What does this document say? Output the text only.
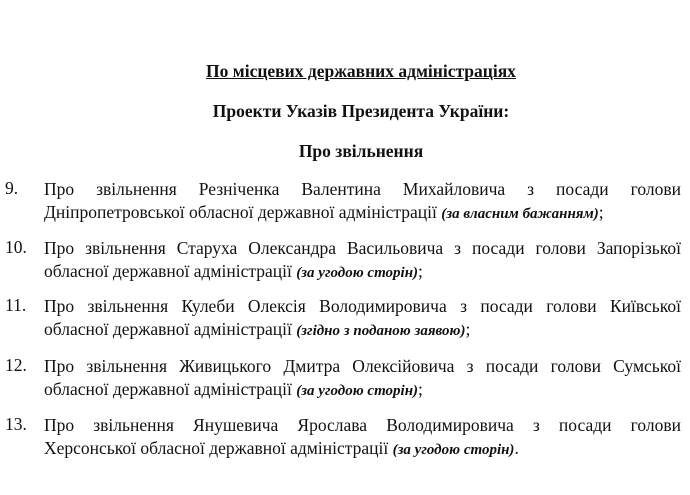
По місцевих державних адміністраціях
Проекти Указів Президента України:
Про звільнення
9. Про звільнення Резніченка Валентина Михайловича з посади голови
Дніпропетровської обласної державної адміністрації (за власним бажанням);
10. Про звільнення Старуха Олександра Васильовича з посади голови Запорізької
обласної державної адміністрації (за угодою сторін);
11. Про звільнення Кулеби Олексія Володимировича з посади голови Київської
обласної державної адміністрації (згідно з поданою заявою);
12. Про звільнення Живицького Дмитра Олексійовича з посади голови Сумської
обласної державної адміністрації (за угодою сторін);
13. Про звільнення Янушевича Ярослава Володимировича з посади голови
Херсонської обласної державної адміністрації (за угодою сторін).
